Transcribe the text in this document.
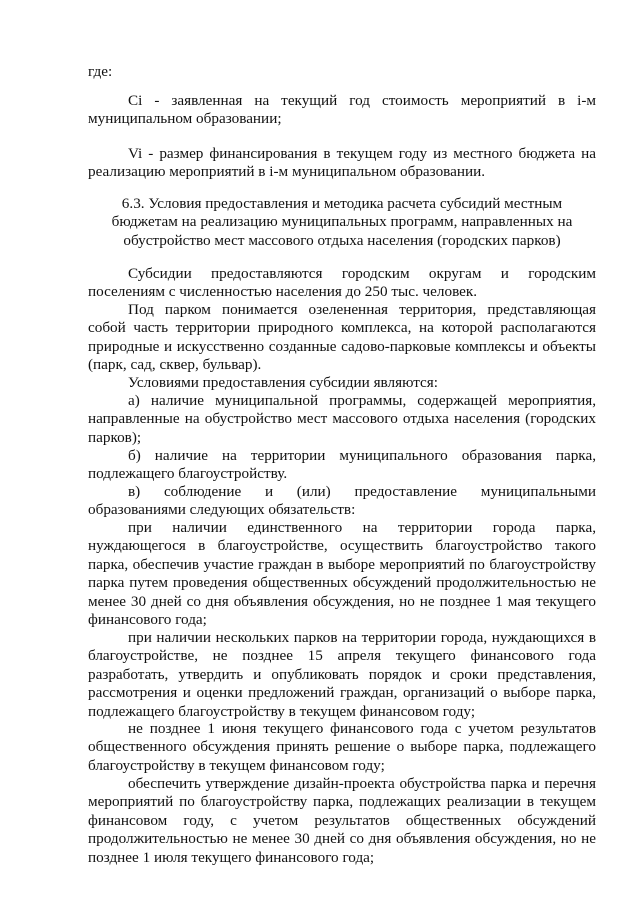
где:

Ci - заявленная на текущий год стоимость мероприятий в i-м муниципальном образовании;

Vi - размер финансирования в текущем году из местного бюджета на реализацию мероприятий в i-м муниципальном образовании.

6.3. Условия предоставления и методика расчета субсидий местным бюджетам на реализацию муниципальных программ, направленных на обустройство мест массового отдыха населения (городских парков)

Субсидии предоставляются городским округам и городским поселениям с численностью населения до 250 тыс. человек.

Под парком понимается озелененная территория, представляющая собой часть территории природного комплекса, на которой располагаются природные и искусственно созданные садово-парковые комплексы и объекты (парк, сад, сквер, бульвар).

Условиями предоставления субсидии являются:

а) наличие муниципальной программы, содержащей мероприятия, направленные на обустройство мест массового отдыха населения (городских парков);

б) наличие на территории муниципального образования парка, подлежащего благоустройству.

в) соблюдение и (или) предоставление муниципальными образованиями следующих обязательств:

при наличии единственного на территории города парка, нуждающегося в благоустройстве, осуществить благоустройство такого парка, обеспечив участие граждан в выборе мероприятий по благоустройству парка путем проведения общественных обсуждений продолжительностью не менее 30 дней со дня объявления обсуждения, но не позднее 1 мая текущего финансового года;

при наличии нескольких парков на территории города, нуждающихся в благоустройстве, не позднее 15 апреля текущего финансового года разработать, утвердить и опубликовать порядок и сроки представления, рассмотрения и оценки предложений граждан, организаций о выборе парка, подлежащего благоустройству в текущем финансовом году;

не позднее 1 июня текущего финансового года с учетом результатов общественного обсуждения принять решение о выборе парка, подлежащего благоустройству в текущем финансовом году;

обеспечить утверждение дизайн-проекта обустройства парка и перечня мероприятий по благоустройству парка, подлежащих реализации в текущем финансовом году, с учетом результатов общественных обсуждений продолжительностью не менее 30 дней со дня объявления обсуждения, но не позднее 1 июля текущего финансового года;
